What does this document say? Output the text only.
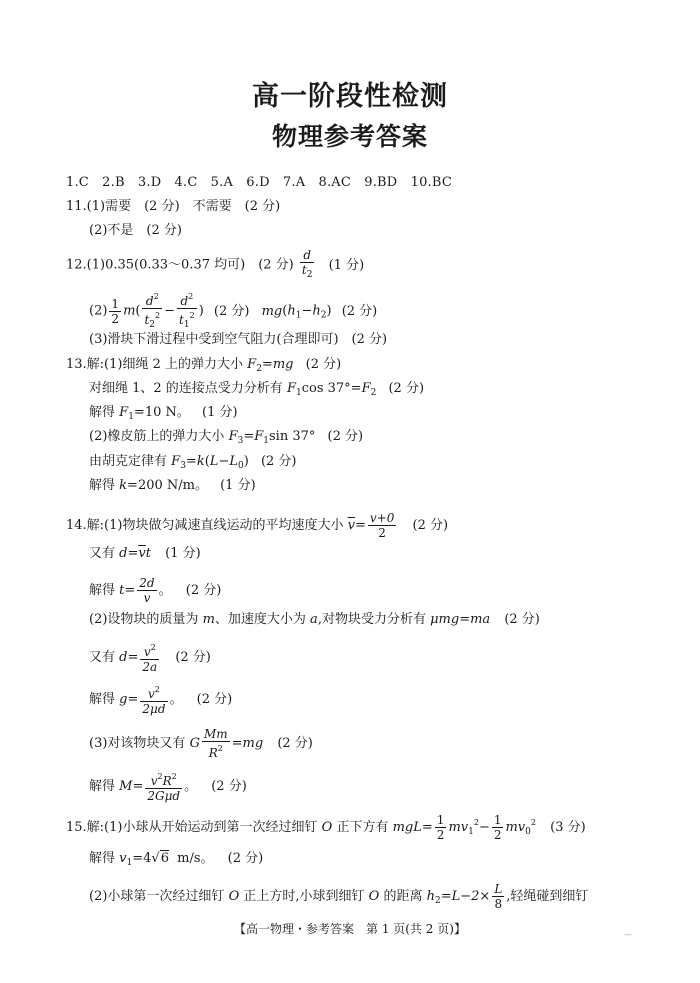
高一阶段性检测
物理参考答案
1.C　2.B　3.D　4.C　5.A　6.D　7.A　8.AC　9.BD　10.BC
11.(1)需要　(2 分)　不需要　(2 分)
(2)不是　(2 分)
12.(1)0.35(0.33～0.37 均可)　(2 分) $\frac{d}{t_2} (1$ 分)
$(2) \frac{1}{2} m( \frac{d^2}{t_2^2} - \frac{d^2}{t_1^2}$ ) (2 分) $mg(h_1-h_2)$ (2 分)
(3)滑块下滑过程中受到空气阻力(合理即可)　(2 分)
13.解:(1)细绳 2 上的弹力大小 $F_2=mg$ (2 分)
对细绳 1、2 的连接点受力分析有 $F_1\cos$ $37^\circ=F_2$ (2 分)
解得 $F_1=10$ N。 (1 分)
(2)橡皮筋上的弹力大小 $F_3=F_1\sin$ 37° (2 分)
由胡克定律有 $F_3=k(L-L_0)$ (2 分)
解得 k=200 N/m。 (1 分)
14.解:(1)物块做匀减速直线运动的平均速度大小 $\overline{v}= \frac{v+0}{2} (2$ 分)
又有 $d=\overline{v}t$ (1 分)
解得 $t= \frac{2d}{v}$ 。 (2 分)
(2)设物块的质量为 m、加速度大小为 a,对物块受力分析有 μmg=ma (2 分)
又有 $d= \frac{v^2}{2a} (2$ 分)
解得 $g= \frac{v^2}{2\mu d}$ 。 (2 分)
(3)对该物块又有 G $\frac{Mm}{R^2} =mg$ (2 分)
解得 $M= \frac{v^2R^2}{\text{2Gμd}}$ 。 (2 分)
15.解:(1)小球从开始运动到第一次经过细钉 O 正下方有 $mgL= \frac{1}{2} mv_1^2- \frac{1}{2} mv_0^2$ (3 分)
解得 $v_1=4√6$ m/s。 (2 分)
(2)小球第一次经过细钉 O 正上方时,小球到细钉 O 的距离 $h_2=L-2\times \frac{L}{8}$ ,轻绳碰到细钉
【高一物理・参考答案　第 1 页(共 2 页)】	—
